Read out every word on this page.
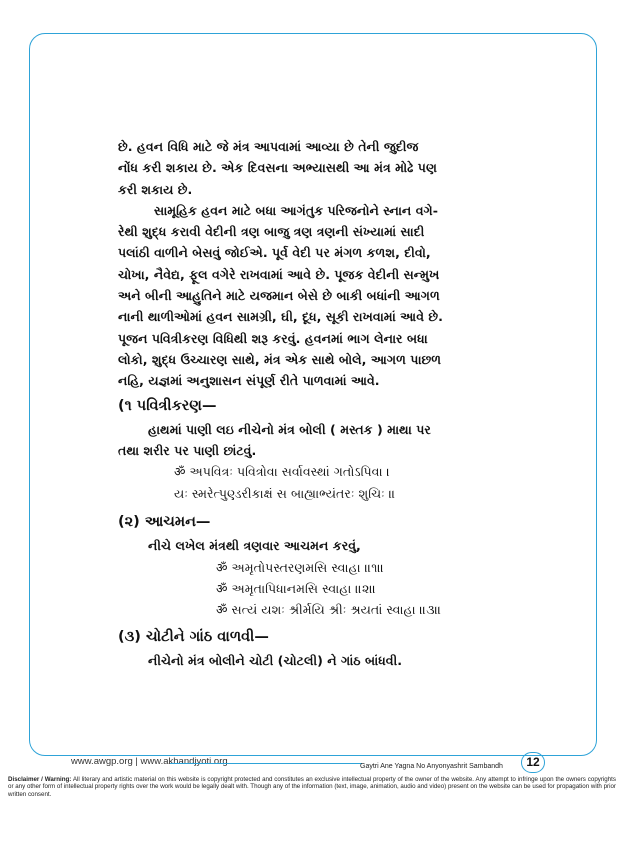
છે. હવન વિધિ માટે જે મંત્ર આપવામાં આવ્યા છે તેની જુદીજ

નોંધ કરી શકાય છે. એક દિવસના અભ્યાસથી આ મંત્ર મોઢે પણ

કરી શકાય છે.

સામૂહિક હવન માટે બધા આગંતુક પરિજનોને સ્નાન વગે-

રેથી શુદ્ધ કરાવી વેદીની ત્રણ બાજુ ત્રણ ત્રણની સંખ્યામાં સાદી

પલાંઠી વાળીને બેસવું જોઈએ. પૂર્વ વેદી પર મંગળ કળશ, દીવો,

ચોખા, નૈવેદ્ય, ફૂલ વગેરે રાખવામાં આવે છે. પૂજક વેદીની સન્મુખ

અને બીની આહુતિને માટે યજમાન બેસે છે બાકી બધાંની આગળ

નાની થાળીઓમાં હવન સામગ્રી, ઘી, દૂધ, સૂકી રાખવામાં આવે છે.

પૂજન પવિત્રીકરણ વિધિથી શરૂ કરવું. હવનમાં ભાગ લેનાર બધા

લોકો, શુદ્ધ ઉચ્ચારણ સાથે, મંત્ર એક સાથે બોલે, આગળ પાછળ

નહિ, યજ્ઞમાં અનુશાસન સંપૂર્ણ રીતે પાળવામાં આવે.

(૧ પવિત્રીકરણ—

હાથમાં પાણી લઇ નીચેનો મંત્ર બોલી ( મસ્તક ) માથા પર

તથા શરીર પર પાણી છાંટવું.

ॐ અપવિત્રઃ પવિત્રોવા સર્વાવસ્થાં ગતોઽપિવા ।

યઃ સ્મરેત્પુણ્ડરીકાક્ષં સ બાહ્યાભ્યંતરઃ શુચિઃ ॥

(૨) આચમન—

નીચે લખેલ મંત્રથી ત્રણવાર આચમન કરવું,

ॐ અમૃતોપસ્તરણમસિ સ્વાહા ॥૧॥

ॐ અમૃતાપિધાનમસિ સ્વાહા ॥૨॥

ॐ સત્યં યશઃ શ્રીર્મયિ શ્રીઃ શ્રયતાં સ્વાહા ॥૩॥

(૩) ચોટીને ગાંઠ વાળવી—

નીચેનો મંત્ર બોલીને ચોટી (ચોટલી) ને ગાંઠ બાંધવી.

www.awgp.org | www.akhandjyoti.org	Gaytri Ane Yagna No Anyonyashrit Sambandh	12
Disclaimer / Warning: All literary and artistic material on this website is copyright protected and constitutes an exclusive intellectual property of the owner of the website. Any attempt to infringe upon the owners copyrights or any other form of intellectual property rights over the work would be legally dealt with. Though any of the information (text, image, animation, audio and video) present on the website can be used for propagation with prior written consent.
